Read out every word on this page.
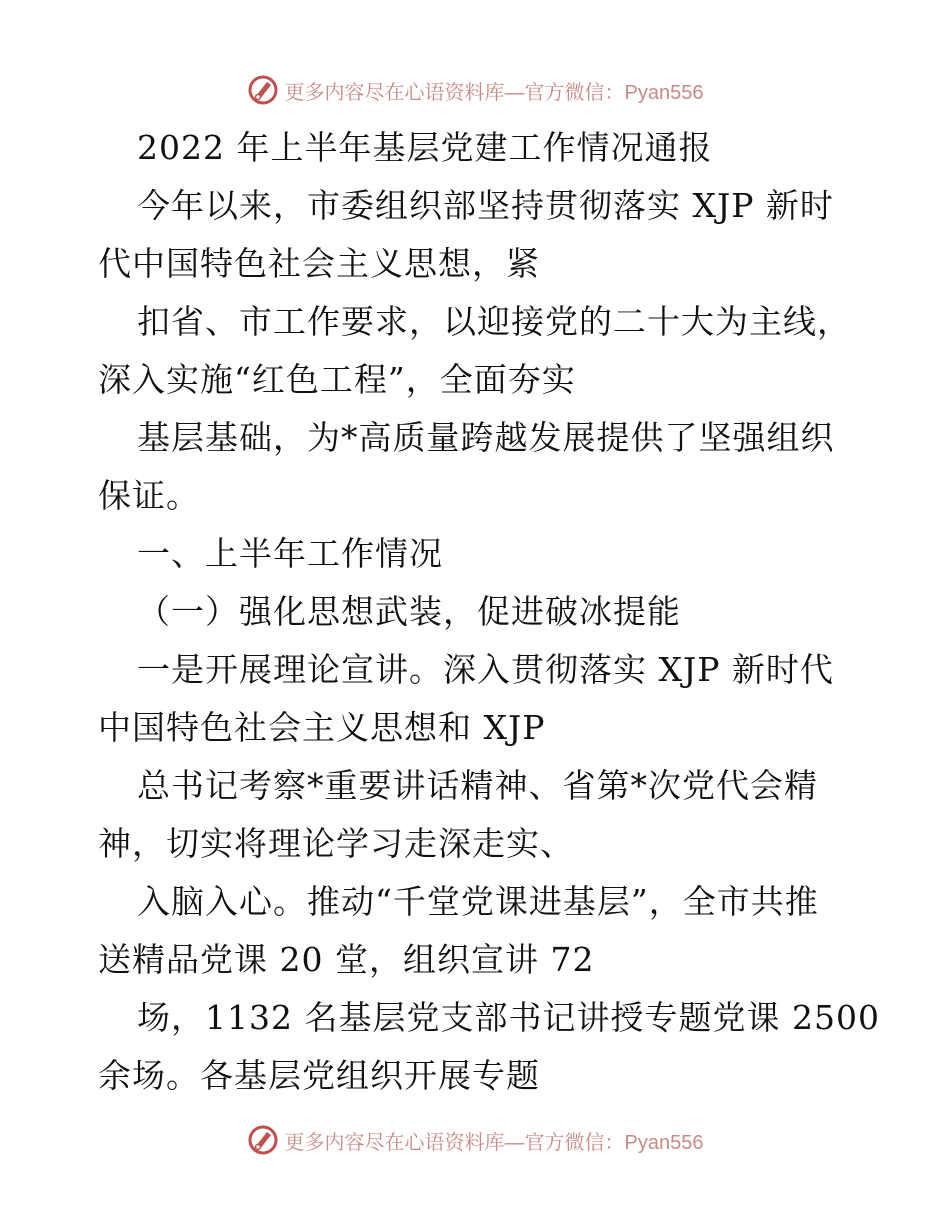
更多内容尽在心语资料库—官方微信：Pyan556
2022 年上半年基层党建工作情况通报
今年以来，市委组织部坚持贯彻落实 XJP 新时
代中国特色社会主义思想，紧
扣省、市工作要求，以迎接党的二十大为主线，
深入实施“红色工程”，全面夯实
基层基础，为*高质量跨越发展提供了坚强组织
保证。
一、上半年工作情况
（一）强化思想武装，促进破冰提能
一是开展理论宣讲。深入贯彻落实 XJP 新时代
中国特色社会主义思想和 XJP
总书记考察*重要讲话精神、省第*次党代会精
神，切实将理论学习走深走实、
入脑入心。推动“千堂党课进基层”，全市共推
送精品党课 20 堂，组织宣讲 72
场，1132 名基层党支部书记讲授专题党课 2500
余场。各基层党组织开展专题
更多内容尽在心语资料库—官方微信：Pyan556
